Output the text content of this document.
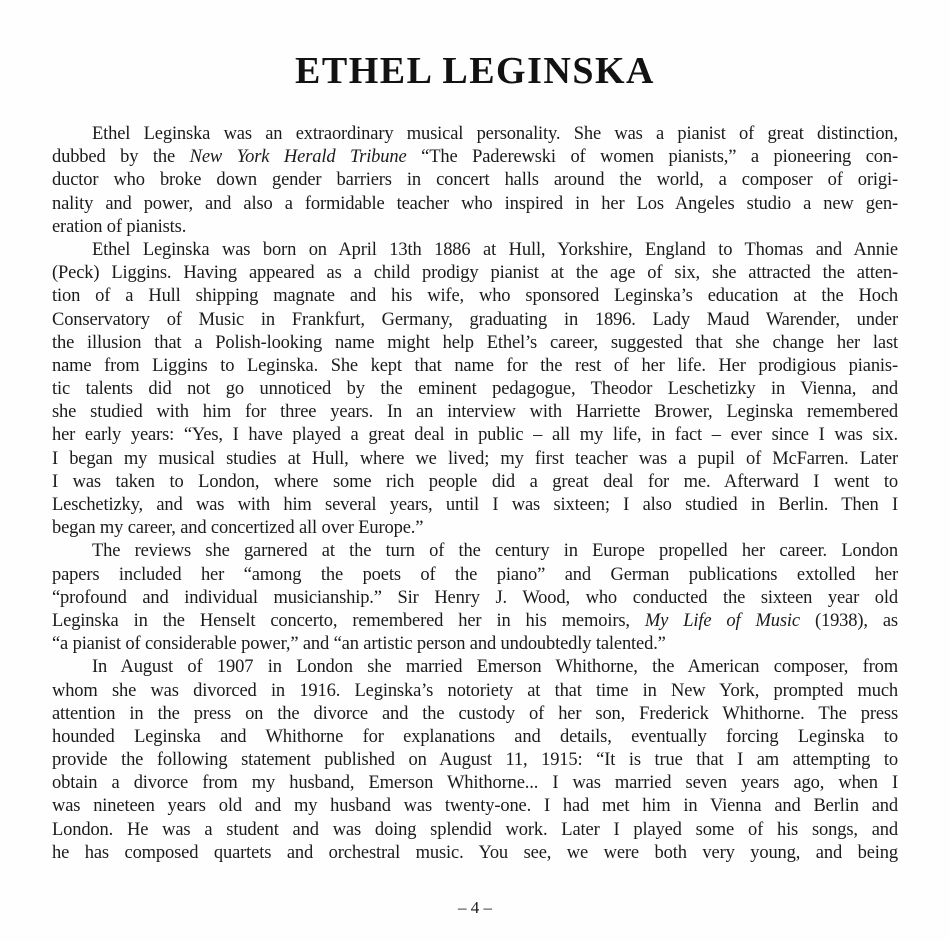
ETHEL LEGINSKA
Ethel Leginska was an extraordinary musical personality. She was a pianist of great distinction,
dubbed by the New York Herald Tribune “The Paderewski of women pianists,” a pioneering con-
ductor who broke down gender barriers in concert halls around the world, a composer of origi-
nality and power, and also a formidable teacher who inspired in her Los Angeles studio a new gen-
eration of pianists.
Ethel Leginska was born on April 13th 1886 at Hull, Yorkshire, England to Thomas and Annie
(Peck) Liggins. Having appeared as a child prodigy pianist at the age of six, she attracted the atten-
tion of a Hull shipping magnate and his wife, who sponsored Leginska’s education at the Hoch
Conservatory of Music in Frankfurt, Germany, graduating in 1896. Lady Maud Warender, under
the illusion that a Polish-looking name might help Ethel’s career, suggested that she change her last
name from Liggins to Leginska. She kept that name for the rest of her life. Her prodigious pianis-
tic talents did not go unnoticed by the eminent pedagogue, Theodor Leschetizky in Vienna, and
she studied with him for three years. In an interview with Harriette Brower, Leginska remembered
her early years: “Yes, I have played a great deal in public – all my life, in fact – ever since I was six.
I began my musical studies at Hull, where we lived; my first teacher was a pupil of McFarren. Later
I was taken to London, where some rich people did a great deal for me. Afterward I went to
Leschetizky, and was with him several years, until I was sixteen; I also studied in Berlin. Then I
began my career, and concertized all over Europe.”
The reviews she garnered at the turn of the century in Europe propelled her career. London
papers included her “among the poets of the piano” and German publications extolled her
“profound and individual musicianship.” Sir Henry J. Wood, who conducted the sixteen year old
Leginska in the Henselt concerto, remembered her in his memoirs, My Life of Music (1938), as
“a pianist of considerable power,” and “an artistic person and undoubtedly talented.”
In August of 1907 in London she married Emerson Whithorne, the American composer, from
whom she was divorced in 1916. Leginska’s notoriety at that time in New York, prompted much
attention in the press on the divorce and the custody of her son, Frederick Whithorne. The press
hounded Leginska and Whithorne for explanations and details, eventually forcing Leginska to
provide the following statement published on August 11, 1915: “It is true that I am attempting to
obtain a divorce from my husband, Emerson Whithorne... I was married seven years ago, when I
was nineteen years old and my husband was twenty-one. I had met him in Vienna and Berlin and
London. He was a student and was doing splendid work. Later I played some of his songs, and
he has composed quartets and orchestral music. You see, we were both very young, and being
– 4 –
